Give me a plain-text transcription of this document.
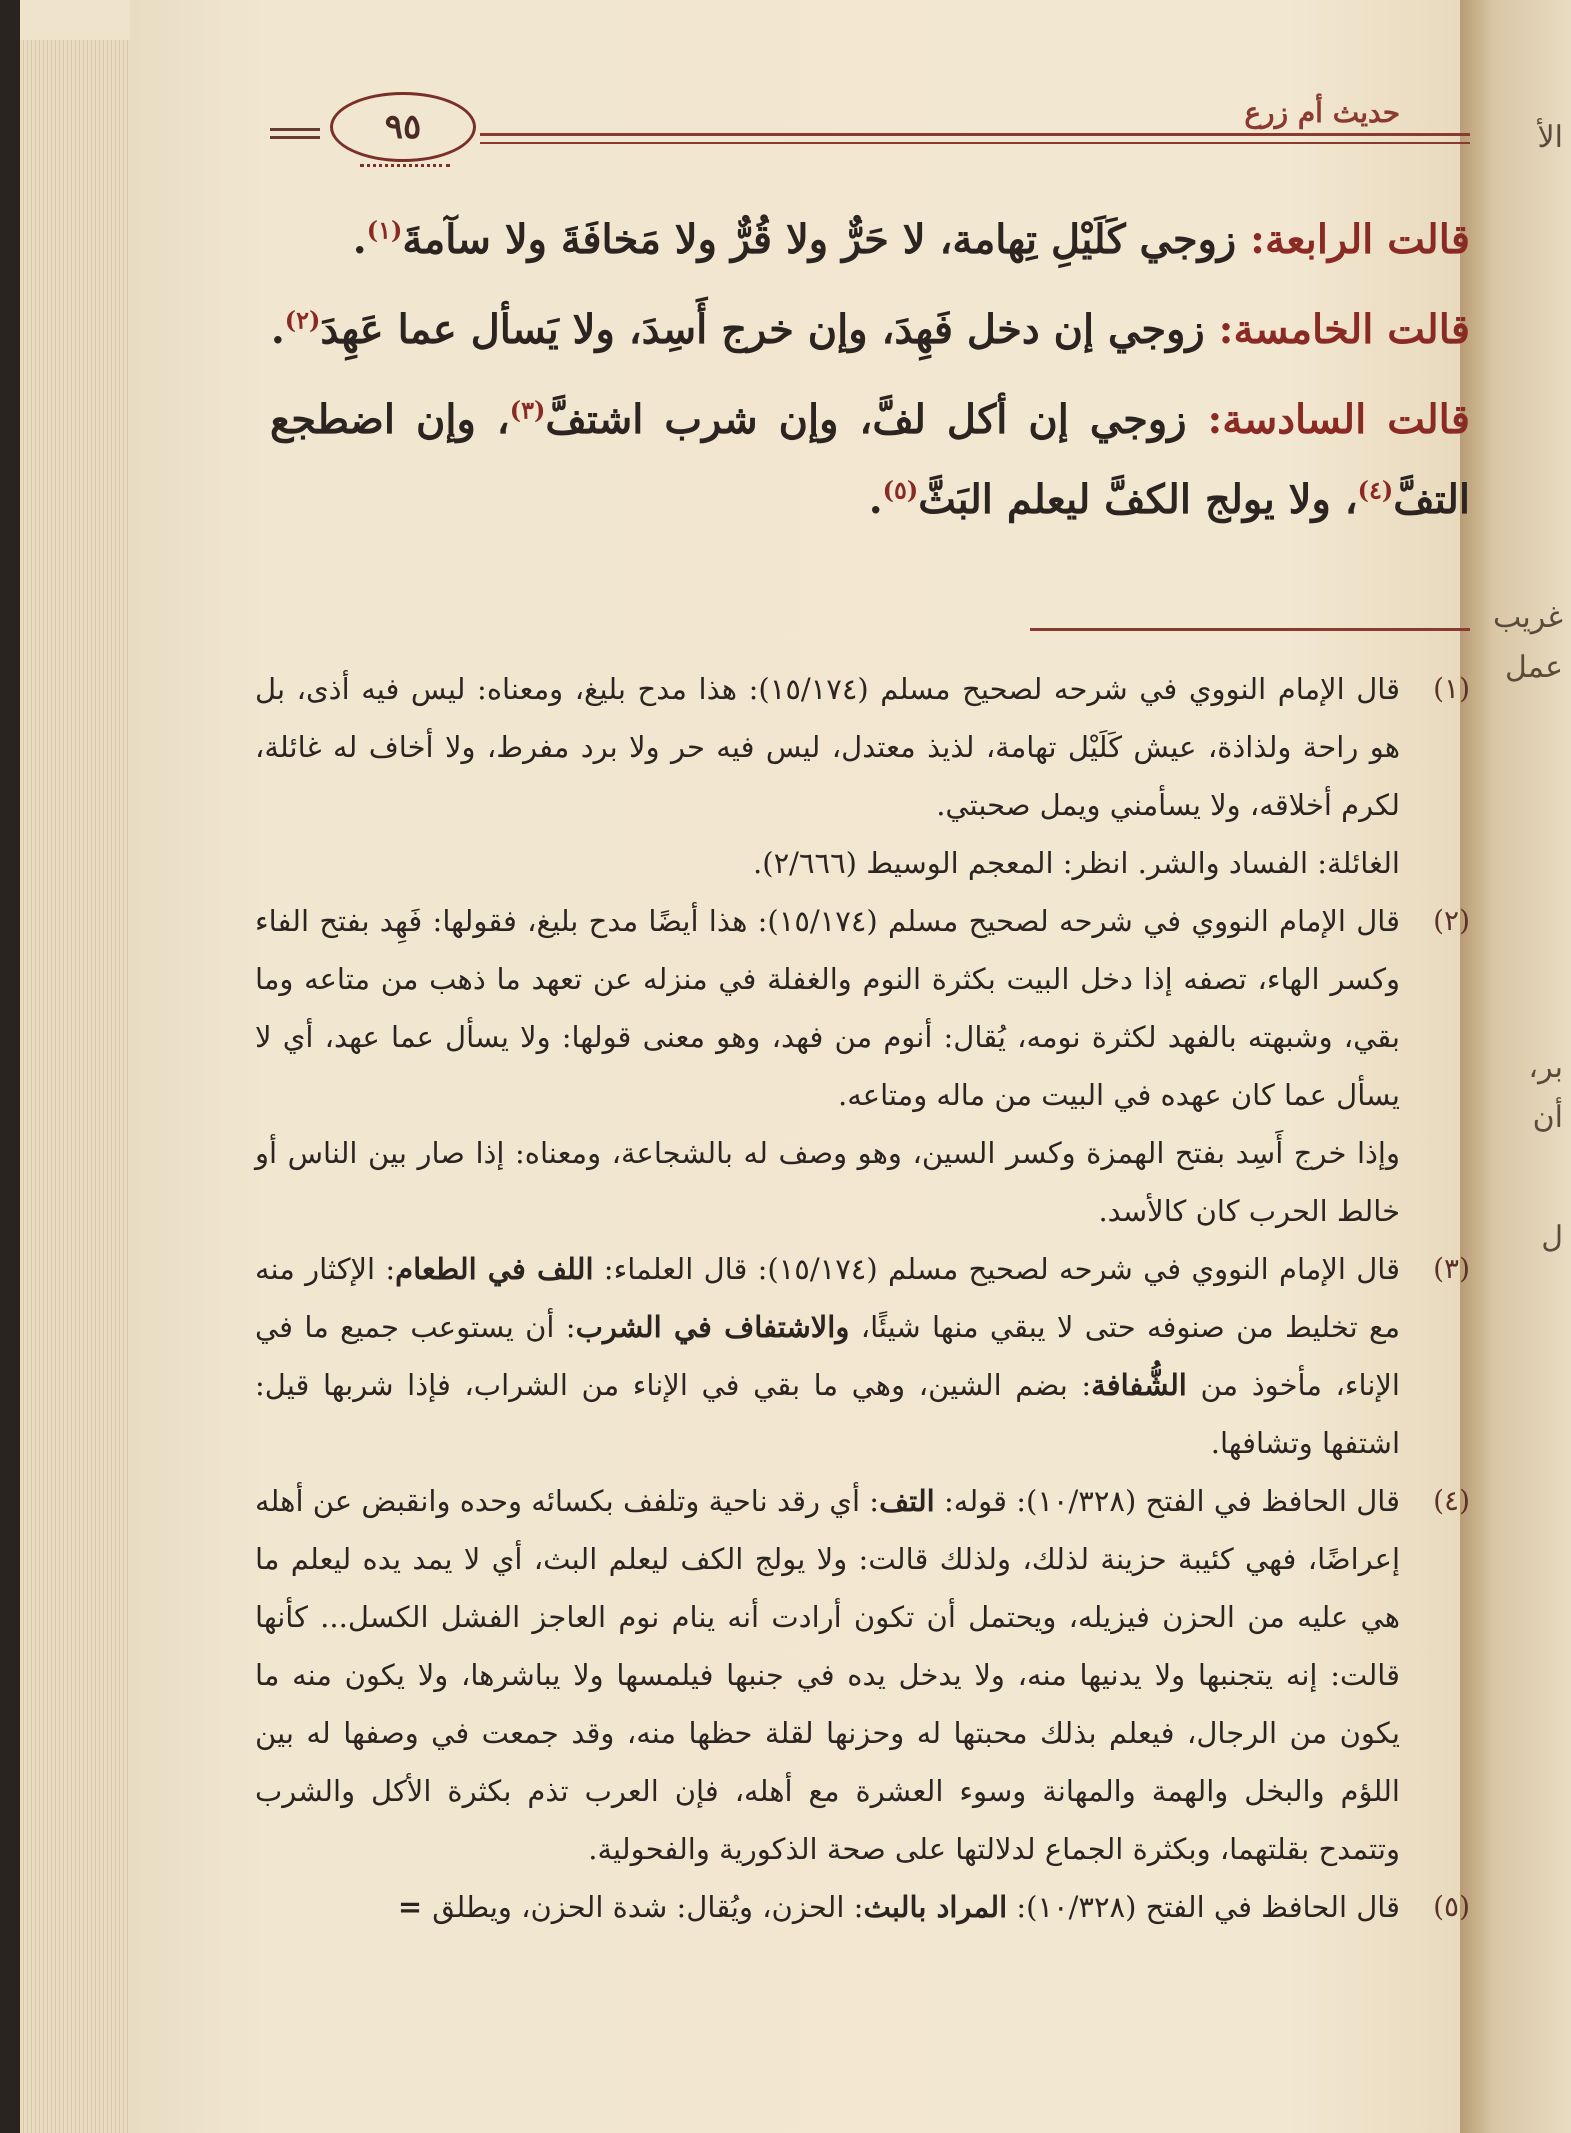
الأ
غريب
عمل
بر،
أن
ل
٩٥	حديث أم زرع

قالت الرابعة: زوجي كَلَيْلِ تِهامة، لا حَرٌّ ولا قُرٌّ ولا مَخافَةَ ولا سآمةَ$^{(١)}$.

قالت الخامسة: زوجي إن دخل فَهِدَ، وإن خرج أَسِدَ، ولا يَسأل عما عَهِدَ$^{(٢)}$.

قالت السادسة: زوجي إن أكل لفَّ، وإن شرب اشتفَّ$^{(٣)}$، وإن اضطجع التفَّ$^{(٤)}$، ولا يولج الكفَّ ليعلم البَثَّ$^{(٥)}$.

(١)

قال الإمام النووي في شرحه لصحيح مسلم (١٥/١٧٤): هذا مدح بليغ، ومعناه: ليس فيه أذى، بل هو راحة ولذاذة، عيش كَلَيْل تهامة، لذيذ معتدل، ليس فيه حر ولا برد مفرط، ولا أخاف له غائلة، لكرم أخلاقه، ولا يسأمني ويمل صحبتي.

الغائلة: الفساد والشر. انظر: المعجم الوسيط (٢/٦٦٦).

(٢)

قال الإمام النووي في شرحه لصحيح مسلم (١٥/١٧٤): هذا أيضًا مدح بليغ، فقولها: فَهِد بفتح الفاء وكسر الهاء، تصفه إذا دخل البيت بكثرة النوم والغفلة في منزله عن تعهد ما ذهب من متاعه وما بقي، وشبهته بالفهد لكثرة نومه، يُقال: أنوم من فهد، وهو معنى قولها: ولا يسأل عما عهد، أي لا يسأل عما كان عهده في البيت من ماله ومتاعه.

وإذا خرج أَسِد بفتح الهمزة وكسر السين، وهو وصف له بالشجاعة، ومعناه: إذا صار بين الناس أو خالط الحرب كان كالأسد.

(٣)

قال الإمام النووي في شرحه لصحيح مسلم (١٥/١٧٤): قال العلماء: اللف في الطعام: الإكثار منه مع تخليط من صنوفه حتى لا يبقي منها شيئًا، والاشتفاف في الشرب: أن يستوعب جميع ما في الإناء، مأخوذ من الشُّفافة: بضم الشين، وهي ما بقي في الإناء من الشراب، فإذا شربها قيل: اشتفها وتشافها.

(٤)

قال الحافظ في الفتح (١٠/٣٢٨): قوله: التف: أي رقد ناحية وتلفف بكسائه وحده وانقبض عن أهله إعراضًا، فهي كئيبة حزينة لذلك، ولذلك قالت: ولا يولج الكف ليعلم البث، أي لا يمد يده ليعلم ما هي عليه من الحزن فيزيله، ويحتمل أن تكون أرادت أنه ينام نوم العاجز الفشل الكسل... كأنها قالت: إنه يتجنبها ولا يدنيها منه، ولا يدخل يده في جنبها فيلمسها ولا يباشرها، ولا يكون منه ما يكون من الرجال، فيعلم بذلك محبتها له وحزنها لقلة حظها منه، وقد جمعت في وصفها له بين اللؤم والبخل والهمة والمهانة وسوء العشرة مع أهله، فإن العرب تذم بكثرة الأكل والشرب وتتمدح بقلتهما، وبكثرة الجماع لدلالتها على صحة الذكورية والفحولية.

(٥)

قال الحافظ في الفتح (١٠/٣٢٨): المراد بالبث: الحزن، ويُقال: شدة الحزن، ويطلق =
